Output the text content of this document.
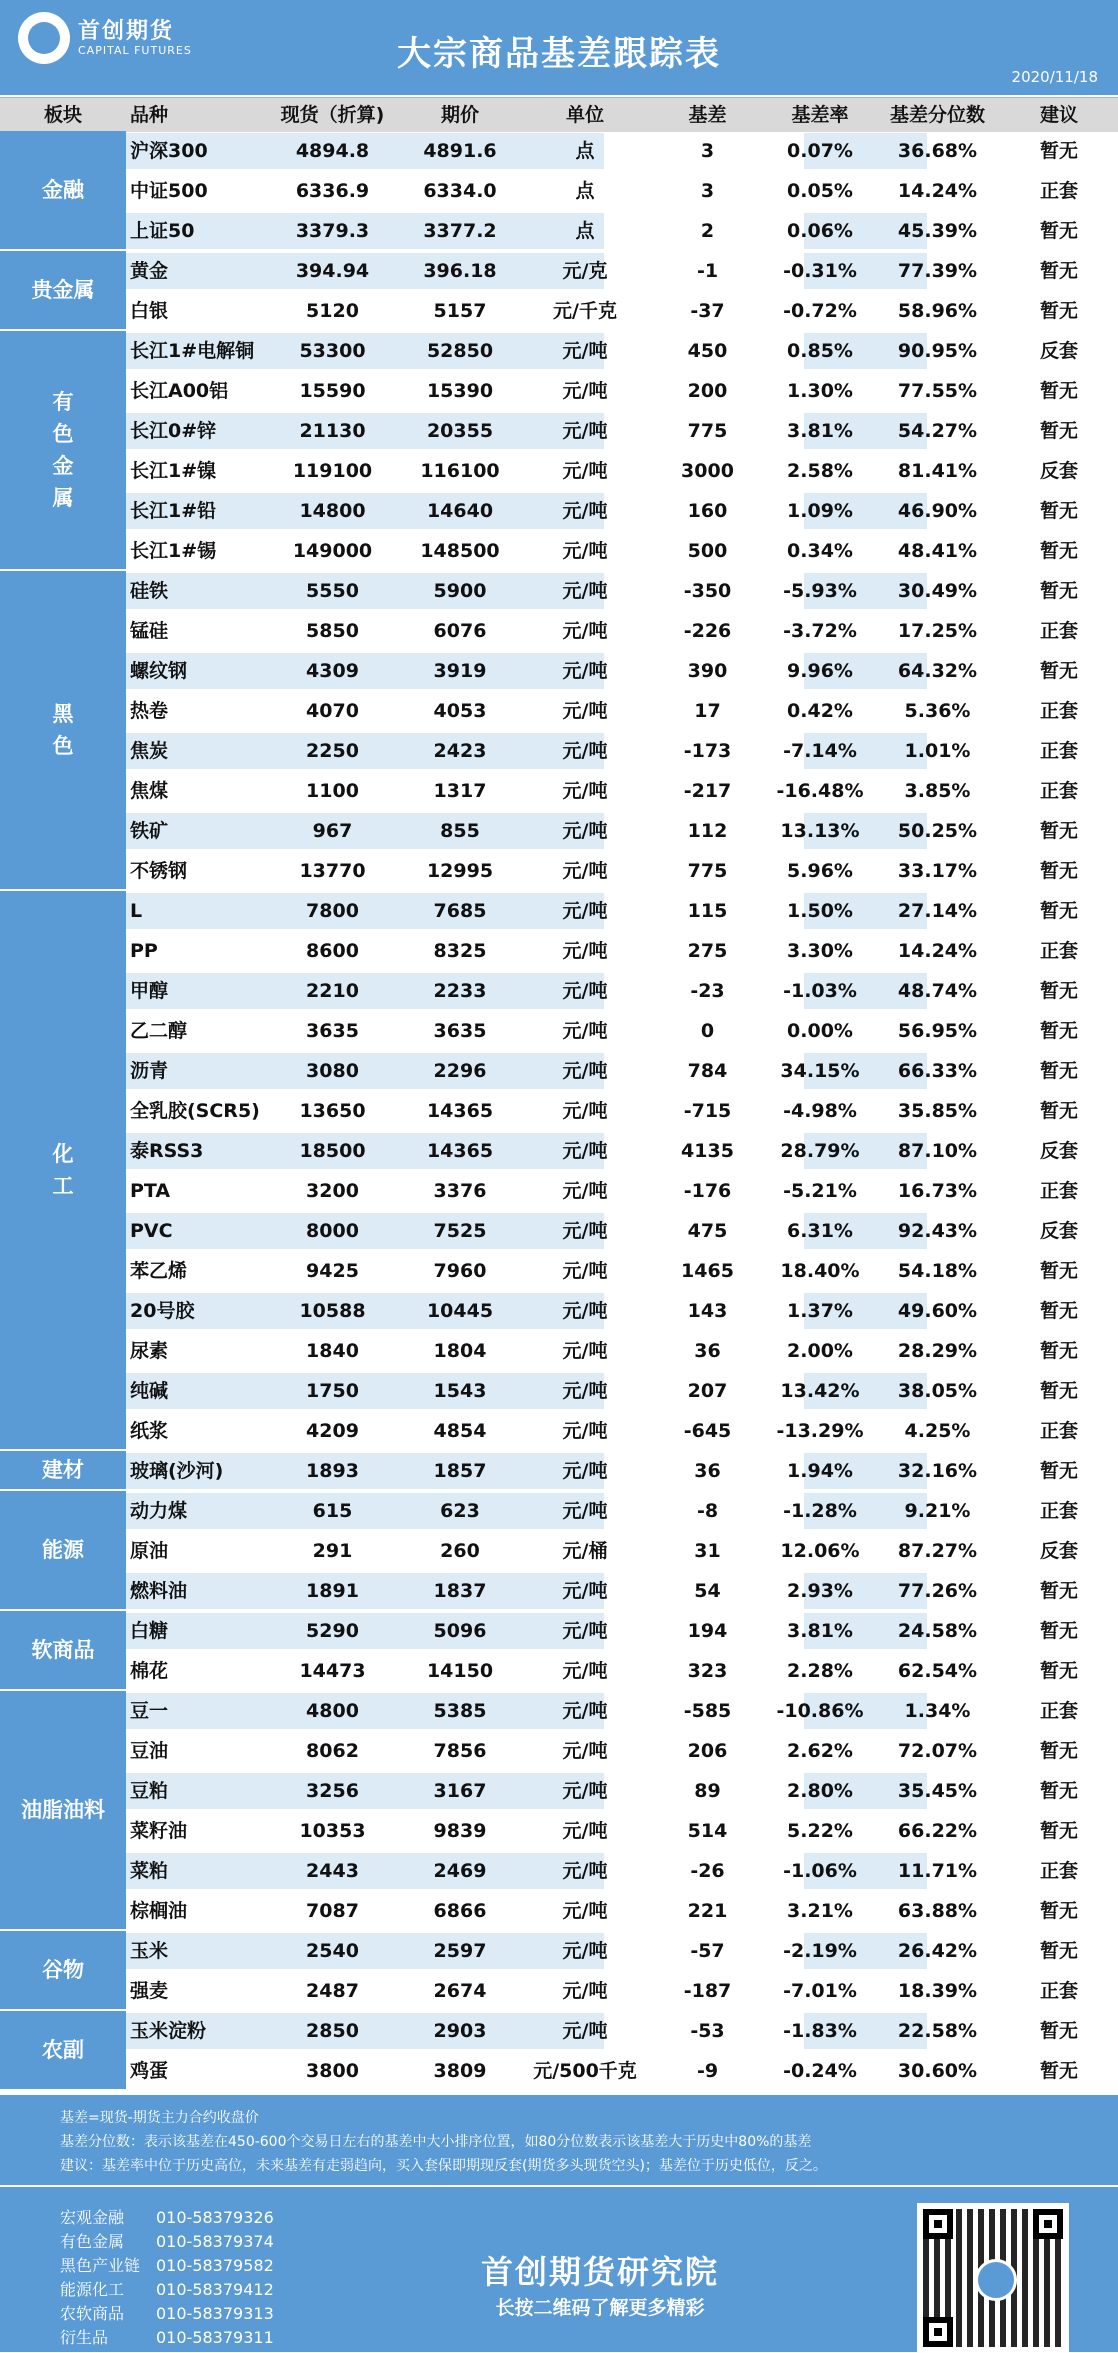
首创期货
CAPITAL FUTURES	大宗商品基差跟踪表
2020/11/18
板块	品种	现货（折算)	期价	单位	基差	基差率	基差分位数	建议
金融
沪深300	4894.8	4891.6	点	3	0.07%	36.68%	暂无
中证500	6336.9	6334.0	点	3	0.05%	14.24%	正套
上证50	3379.3	3377.2	点	2	0.06%	45.39%	暂无
贵金属
黄金	394.94	396.18	元/克	-1	-0.31%	77.39%	暂无
白银	5120	5157	元/千克	-37	-0.72%	58.96%	暂无
有
色
金
属
长江1#电解铜	53300	52850	元/吨	450	0.85%	90.95%	反套
长江A00铝	15590	15390	元/吨	200	1.30%	77.55%	暂无
长江0#锌	21130	20355	元/吨	775	3.81%	54.27%	暂无
长江1#镍	119100	116100	元/吨	3000	2.58%	81.41%	反套
长江1#铅	14800	14640	元/吨	160	1.09%	46.90%	暂无
长江1#锡	149000	148500	元/吨	500	0.34%	48.41%	暂无
黑
色
硅铁	5550	5900	元/吨	-350	-5.93%	30.49%	暂无
锰硅	5850	6076	元/吨	-226	-3.72%	17.25%	正套
螺纹钢	4309	3919	元/吨	390	9.96%	64.32%	暂无
热卷	4070	4053	元/吨	17	0.42%	5.36%	正套
焦炭	2250	2423	元/吨	-173	-7.14%	1.01%	正套
焦煤	1100	1317	元/吨	-217	-16.48%	3.85%	正套
铁矿	967	855	元/吨	112	13.13%	50.25%	暂无
不锈钢	13770	12995	元/吨	775	5.96%	33.17%	暂无
化
工
L	7800	7685	元/吨	115	1.50%	27.14%	暂无
PP	8600	8325	元/吨	275	3.30%	14.24%	正套
甲醇	2210	2233	元/吨	-23	-1.03%	48.74%	暂无
乙二醇	3635	3635	元/吨	0	0.00%	56.95%	暂无
沥青	3080	2296	元/吨	784	34.15%	66.33%	暂无
全乳胶(SCR5)	13650	14365	元/吨	-715	-4.98%	35.85%	暂无
泰RSS3	18500	14365	元/吨	4135	28.79%	87.10%	反套
PTA	3200	3376	元/吨	-176	-5.21%	16.73%	正套
PVC	8000	7525	元/吨	475	6.31%	92.43%	反套
苯乙烯	9425	7960	元/吨	1465	18.40%	54.18%	暂无
20号胶	10588	10445	元/吨	143	1.37%	49.60%	暂无
尿素	1840	1804	元/吨	36	2.00%	28.29%	暂无
纯碱	1750	1543	元/吨	207	13.42%	38.05%	暂无
纸浆	4209	4854	元/吨	-645	-13.29%	4.25%	正套
建材	玻璃(沙河)	1893	1857	元/吨	36	1.94%	32.16%	暂无
能源
动力煤	615	623	元/吨	-8	-1.28%	9.21%	正套
原油	291	260	元/桶	31	12.06%	87.27%	反套
燃料油	1891	1837	元/吨	54	2.93%	77.26%	暂无
软商品
白糖	5290	5096	元/吨	194	3.81%	24.58%	暂无
棉花	14473	14150	元/吨	323	2.28%	62.54%	暂无
油脂油料
豆一	4800	5385	元/吨	-585	-10.86%	1.34%	正套
豆油	8062	7856	元/吨	206	2.62%	72.07%	暂无
豆粕	3256	3167	元/吨	89	2.80%	35.45%	暂无
菜籽油	10353	9839	元/吨	514	5.22%	66.22%	暂无
菜粕	2443	2469	元/吨	-26	-1.06%	11.71%	正套
棕榈油	7087	6866	元/吨	221	3.21%	63.88%	暂无
谷物
玉米	2540	2597	元/吨	-57	-2.19%	26.42%	暂无
强麦	2487	2674	元/吨	-187	-7.01%	18.39%	正套
农副
玉米淀粉	2850	2903	元/吨	-53	-1.83%	22.58%	暂无
鸡蛋	3800	3809	元/500千克	-9	-0.24%	30.60%	暂无
基差=现货-期货主力合约收盘价
基差分位数：表示该基差在450-600个交易日左右的基差中大小排序位置，如80分位数表示该基差大于历史中80%的基差
建议：基差率中位于历史高位，未来基差有走弱趋向，买入套保即期现反套(期货多头现货空头)；基差位于历史低位，反之。
宏观金融 010-58379326
有色金属 010-58379374
黑色产业链 010-58379582
能源化工 010-58379412
农软商品 010-58379313
衍生品	010-58379311
首创期货研究院
长按二维码了解更多精彩
